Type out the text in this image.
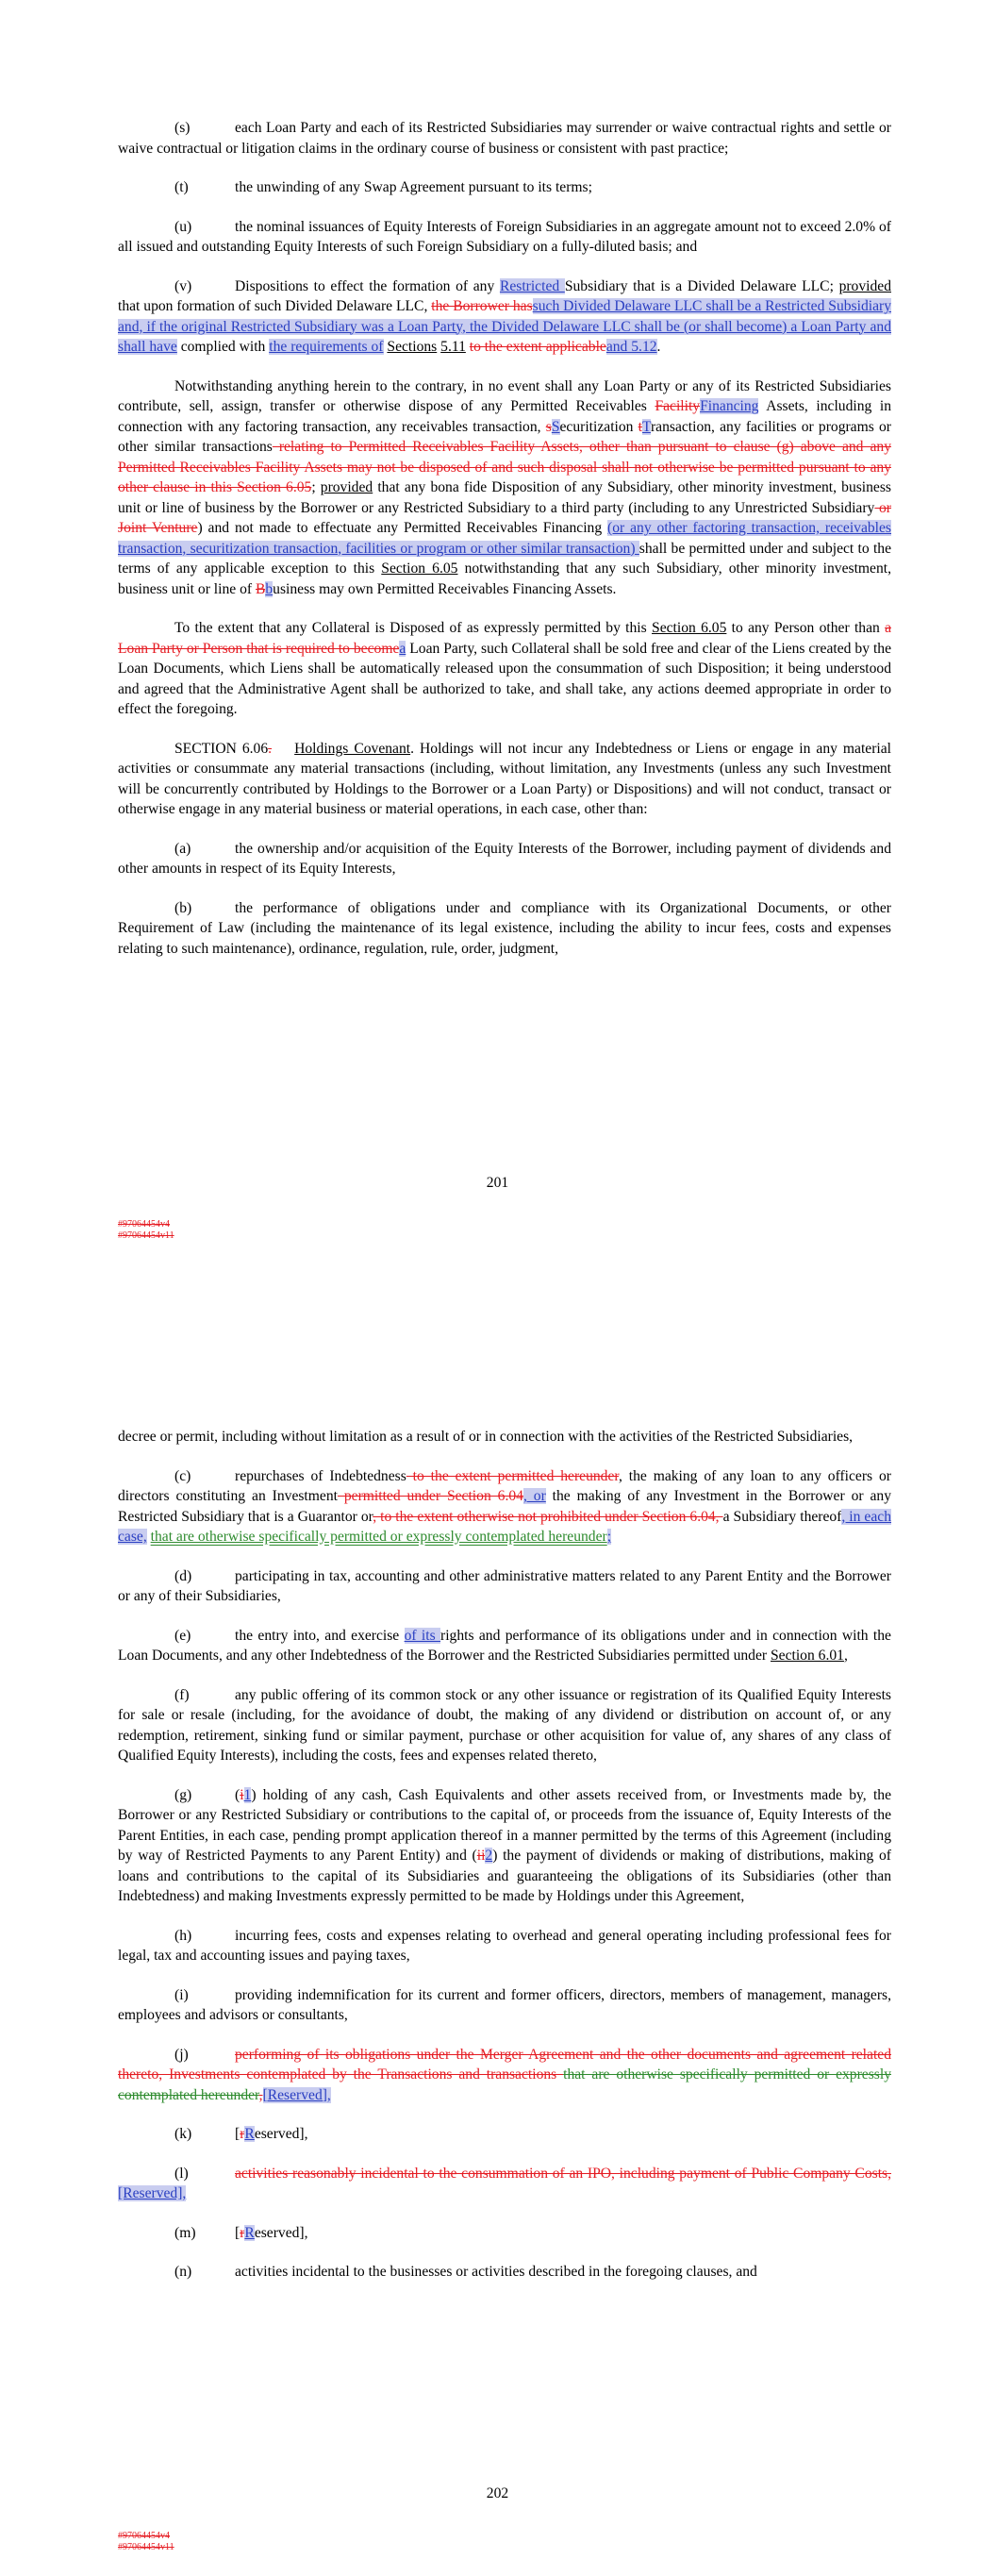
(s)	each Loan Party and each of its Restricted Subsidiaries may surrender or waive contractual rights and settle or waive contractual or litigation claims in the ordinary course of business or consistent with past practice;

(t)	the unwinding of any Swap Agreement pursuant to its terms;

(u)	the nominal issuances of Equity Interests of Foreign Subsidiaries in an aggregate amount not to exceed 2.0% of all issued and outstanding Equity Interests of such Foreign Subsidiary on a fully-diluted basis; and

(v)	Dispositions to effect the formation of any Restricted Subsidiary that is a Divided Delaware LLC; provided that upon formation of such Divided Delaware LLC, the Borrower hassuch Divided Delaware LLC shall be a Restricted Subsidiary and, if the original Restricted Subsidiary was a Loan Party, the Divided Delaware LLC shall be (or shall become) a Loan Party and shall have complied with the requirements of Sections 5.11 to the extent applicableand 5.12.

Notwithstanding anything herein to the contrary, in no event shall any Loan Party or any of its Restricted Subsidiaries contribute, sell, assign, transfer or otherwise dispose of any Permitted Receivables FacilityFinancing Assets, including in connection with any factoring transaction, any receivables transaction, sSecuritization tTransaction, any facilities or programs or other similar transactions relating to Permitted Receivables Facility Assets, other than pursuant to clause (g) above and any Permitted Receivables Facility Assets may not be disposed of and such disposal shall not otherwise be permitted pursuant to any other clause in this Section 6.05; provided that any bona fide Disposition of any Subsidiary, other minority investment, business unit or line of business by the Borrower or any Restricted Subsidiary to a third party (including to any Unrestricted Subsidiary or Joint Venture) and not made to effectuate any Permitted Receivables Financing (or any other factoring transaction, receivables transaction, securitization transaction, facilities or program or other similar transaction) shall be permitted under and subject to the terms of any applicable exception to this Section 6.05 notwithstanding that any such Subsidiary, other minority investment, business unit or line of Bbusiness may own Permitted Receivables Financing Assets.

To the extent that any Collateral is Disposed of as expressly permitted by this Section 6.05 to any Person other than a Loan Party or Person that is required to becomea Loan Party, such Collateral shall be sold free and clear of the Liens created by the Loan Documents, which Liens shall be automatically released upon the consummation of such Disposition; it being understood and agreed that the Administrative Agent shall be authorized to take, and shall take, any actions deemed appropriate in order to effect the foregoing.

SECTION 6.06. Holdings Covenant. Holdings will not incur any Indebtedness or Liens or engage in any material activities or consummate any material transactions (including, without limitation, any Investments (unless any such Investment will be concurrently contributed by Holdings to the Borrower or a Loan Party) or Dispositions) and will not conduct, transact or otherwise engage in any material business or material operations, in each case, other than:

(a)	the ownership and/or acquisition of the Equity Interests of the Borrower, including payment of dividends and other amounts in respect of its Equity Interests,

(b)	the performance of obligations under and compliance with its Organizational Documents, or other Requirement of Law (including the maintenance of its legal existence, including the ability to incur fees, costs and expenses relating to such maintenance), ordinance, regulation, rule, order, judgment,

201
#97064454v4
#97064454v11

decree or permit, including without limitation as a result of or in connection with the activities of the Restricted Subsidiaries,

(c)	repurchases of Indebtedness to the extent permitted hereunder, the making of any loan to any officers or directors constituting an Investment permitted under Section 6.04, or the making of any Investment in the Borrower or any Restricted Subsidiary that is a Guarantor or, to the extent otherwise not prohibited under Section 6.04, a Subsidiary thereof, in each case, that are otherwise specifically permitted or expressly contemplated hereunder;

(d)	participating in tax, accounting and other administrative matters related to any Parent Entity and the Borrower or any of their Subsidiaries,

(e)	the entry into, and exercise of its rights and performance of its obligations under and in connection with the Loan Documents, and any other Indebtedness of the Borrower and the Restricted Subsidiaries permitted under Section 6.01,

(f)	any public offering of its common stock or any other issuance or registration of its Qualified Equity Interests for sale or resale (including, for the avoidance of doubt, the making of any dividend or distribution on account of, or any redemption, retirement, sinking fund or similar payment, purchase or other acquisition for value of, any shares of any class of Qualified Equity Interests), including the costs, fees and expenses related thereto,

(g)	(i1) holding of any cash, Cash Equivalents and other assets received from, or Investments made by, the Borrower or any Restricted Subsidiary or contributions to the capital of, or proceeds from the issuance of, Equity Interests of the Parent Entities, in each case, pending prompt application thereof in a manner permitted by the terms of this Agreement (including by way of Restricted Payments to any Parent Entity) and (ii2) the payment of dividends or making of distributions, making of loans and contributions to the capital of its Subsidiaries and guaranteeing the obligations of its Subsidiaries (other than Indebtedness) and making Investments expressly permitted to be made by Holdings under this Agreement,

(h)	incurring fees, costs and expenses relating to overhead and general operating including professional fees for legal, tax and accounting issues and paying taxes,

(i)	providing indemnification for its current and former officers, directors, members of management, managers, employees and advisors or consultants,

(j)	performing of its obligations under the Merger Agreement and the other documents and agreement related thereto, Investments contemplated by the Transactions and transactions that are otherwise specifically permitted or expressly contemplated hereunder,[Reserved],

(k)	[rReserved],

(l)	activities reasonably incidental to the consummation of an IPO, including payment of Public Company Costs,[Reserved],

(m)	[rReserved],

(n)	activities incidental to the businesses or activities described in the foregoing clauses, and

202
#97064454v4
#97064454v11
